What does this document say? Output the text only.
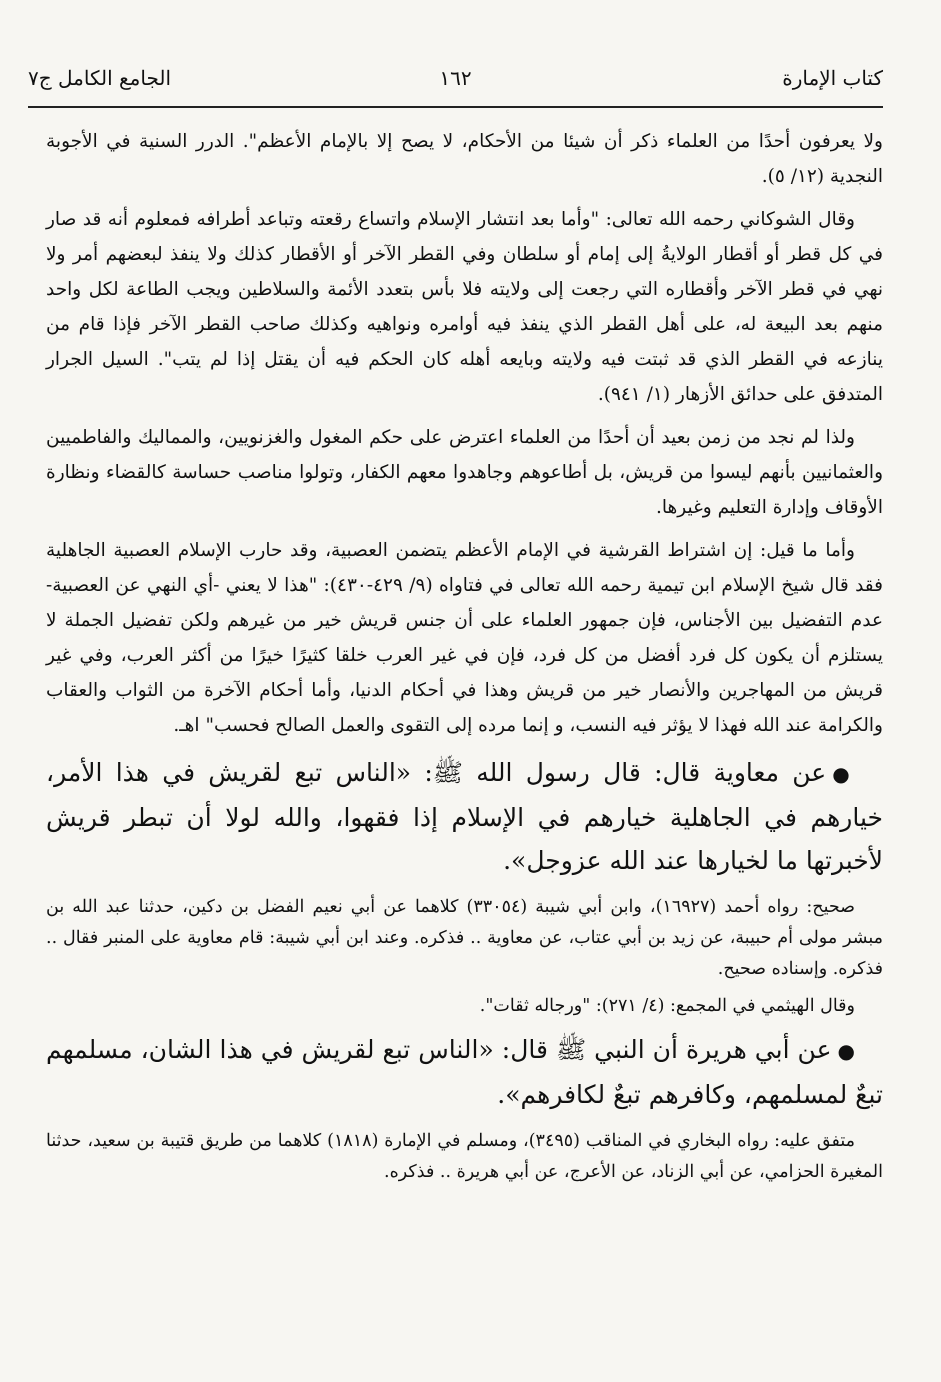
كتاب الإمارة
١٦٢
الجامع الكامل ج٧

ولا يعرفون أحدًا من العلماء ذكر أن شيئا من الأحكام، لا يصح إلا بالإمام الأعظم". الدرر السنية في الأجوبة النجدية (١٢/ ٥).

وقال الشوكاني رحمه الله تعالى: "وأما بعد انتشار الإسلام واتساع رقعته وتباعد أطرافه فمعلوم أنه قد صار في كل قطر أو أقطار الولايةُ إلى إمام أو سلطان وفي القطر الآخر أو الأقطار كذلك ولا ينفذ لبعضهم أمر ولا نهي في قطر الآخر وأقطاره التي رجعت إلى ولايته فلا بأس بتعدد الأئمة والسلاطين ويجب الطاعة لكل واحد منهم بعد البيعة له، على أهل القطر الذي ينفذ فيه أوامره ونواهيه وكذلك صاحب القطر الآخر فإذا قام من ينازعه في القطر الذي قد ثبتت فيه ولايته وبايعه أهله كان الحكم فيه أن يقتل إذا لم يتب". السيل الجرار المتدفق على حدائق الأزهار (١/ ٩٤١).

ولذا لم نجد من زمن بعيد أن أحدًا من العلماء اعترض على حكم المغول والغزنويين، والمماليك والفاطميين والعثمانيين بأنهم ليسوا من قريش، بل أطاعوهم وجاهدوا معهم الكفار، وتولوا مناصب حساسة كالقضاء ونظارة الأوقاف وإدارة التعليم وغيرها.

وأما ما قيل: إن اشتراط القرشية في الإمام الأعظم يتضمن العصبية، وقد حارب الإسلام العصبية الجاهلية فقد قال شيخ الإسلام ابن تيمية رحمه الله تعالى في فتاواه (٩/ ٤٢٩-٤٣٠): "هذا لا يعني -أي النهي عن العصبية- عدم التفضيل بين الأجناس، فإن جمهور العلماء على أن جنس قريش خير من غيرهم ولكن تفضيل الجملة لا يستلزم أن يكون كل فرد أفضل من كل فرد، فإن في غير العرب خلقا كثيرًا خيرًا من أكثر العرب، وفي غير قريش من المهاجرين والأنصار خير من قريش وهذا في أحكام الدنيا، وأما أحكام الآخرة من الثواب والعقاب والكرامة عند الله فهذا لا يؤثر فيه النسب، و إنما مرده إلى التقوى والعمل الصالح فحسب" اهـ.

●عن معاوية قال: قال رسول الله ﷺ: «الناس تبع لقريش في هذا الأمر، خيارهم في الجاهلية خيارهم في الإسلام إذا فقهوا، والله لولا أن تبطر قريش لأخبرتها ما لخيارها عند الله عزوجل».

صحيح: رواه أحمد (١٦٩٢٧)، وابن أبي شيبة (٣٣٠٥٤) كلاهما عن أبي نعيم الفضل بن دكين، حدثنا عبد الله بن مبشر مولى أم حبيبة، عن زيد بن أبي عتاب، عن معاوية .. فذكره. وعند ابن أبي شيبة: قام معاوية على المنبر فقال .. فذكره. وإسناده صحيح.

وقال الهيثمي في المجمع: (٤/ ٢٧١): "ورجاله ثقات".

●عن أبي هريرة أن النبي ﷺ قال: «الناس تبع لقريش في هذا الشان، مسلمهم تبعٌ لمسلمهم، وكافرهم تبعٌ لكافرهم».

متفق عليه: رواه البخاري في المناقب (٣٤٩٥)، ومسلم في الإمارة (١٨١٨) كلاهما من طريق قتيبة بن سعيد، حدثنا المغيرة الحزامي، عن أبي الزناد، عن الأعرج، عن أبي هريرة .. فذكره.
